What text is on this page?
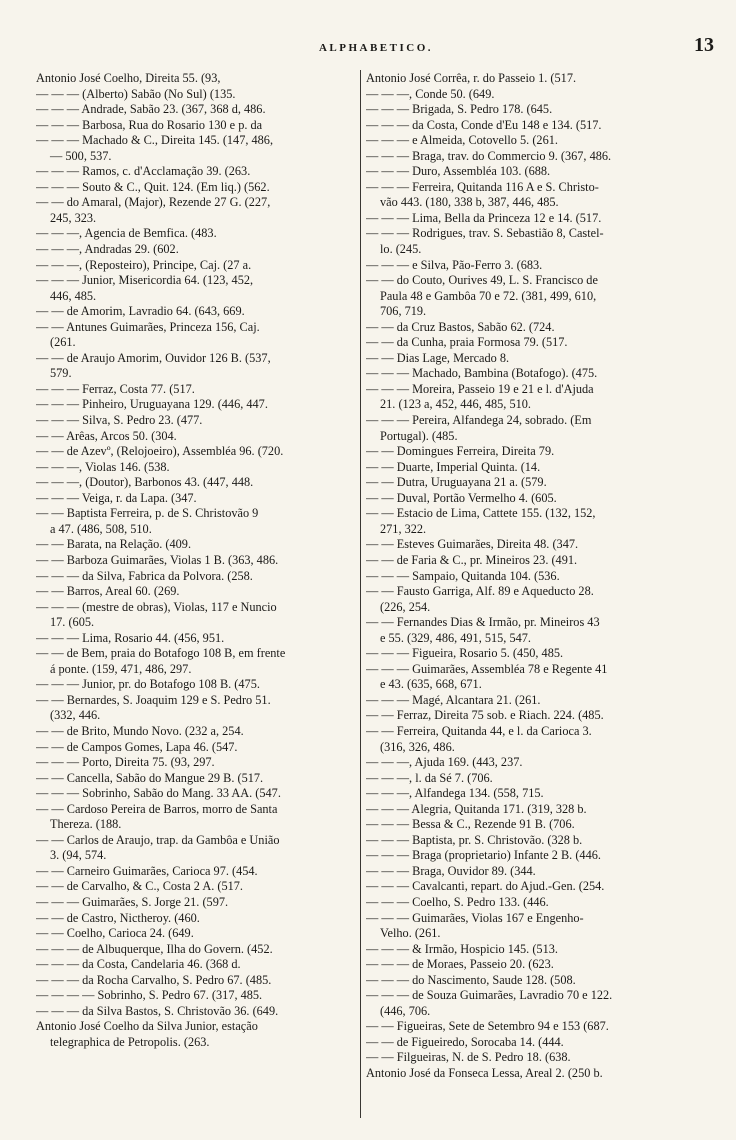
ALPHABETICO.	13
Antonio José Coelho, Direita 55. (93,
— — — (Alberto) Sabão (No Sul) (135.
— — — Andrade, Sabão 23. (367, 368 d, 486.
— — — Barbosa, Rua do Rosario 130 e p. da
— — — Machado & C., Direita 145. (147, 486,
— 500, 537.
— — — Ramos, c. d'Acclamação 39. (263.
— — — Souto & C., Quit. 124. (Em liq.) (562.
— — do Amaral, (Major), Rezende 27 G. (227,
245, 323.
— — —, Agencia de Bemfica. (483.
— — —, Andradas 29. (602.
— — —, (Reposteiro), Principe, Caj. (27 a.
— — — Junior, Misericordia 64. (123, 452,
446, 485.
— — de Amorim, Lavradio 64. (643, 669.
— — Antunes Guimarães, Princeza 156, Caj.
(261.
— — de Araujo Amorim, Ouvidor 126 B. (537,
579.
— — — Ferraz, Costa 77. (517.
— — — Pinheiro, Uruguayana 129. (446, 447.
— — — Silva, S. Pedro 23. (477.
— — Arêas, Arcos 50. (304.
— — de Azevº, (Relojoeiro), Assembléa 96. (720.
— — —, Violas 146. (538.
— — —, (Doutor), Barbonos 43. (447, 448.
— — — Veiga, r. da Lapa. (347.
— — Baptista Ferreira, p. de S. Christovão 9
a 47. (486, 508, 510.
— — Barata, na Relação. (409.
— — Barboza Guimarães, Violas 1 B. (363, 486.
— — — da Silva, Fabrica da Polvora. (258.
— — Barros, Areal 60. (269.
— — — (mestre de obras), Violas, 117 e Nuncio
17. (605.
— — — Lima, Rosario 44. (456, 951.
— — de Bem, praia do Botafogo 108 B, em frente
á ponte. (159, 471, 486, 297.
— — — Junior, pr. do Botafogo 108 B. (475.
— — Bernardes, S. Joaquim 129 e S. Pedro 51.
(332, 446.
— — de Brito, Mundo Novo. (232 a, 254.
— — de Campos Gomes, Lapa 46. (547.
— — — Porto, Direita 75. (93, 297.
— — Cancella, Sabão do Mangue 29 B. (517.
— — — Sobrinho, Sabão do Mang. 33 AA. (547.
— — Cardoso Pereira de Barros, morro de Santa
Thereza. (188.
— — Carlos de Araujo, trap. da Gambôa e União
3. (94, 574.
— — Carneiro Guimarães, Carioca 97. (454.
— — de Carvalho, & C., Costa 2 A. (517.
— — — Guimarães, S. Jorge 21. (597.
— — de Castro, Nictheroy. (460.
— — Coelho, Carioca 24. (649.
— — — de Albuquerque, Ilha do Govern. (452.
— — — da Costa, Candelaria 46. (368 d.
— — — da Rocha Carvalho, S. Pedro 67. (485.
— — — — Sobrinho, S. Pedro 67. (317, 485.
— — — da Silva Bastos, S. Christovão 36. (649.
Antonio José Coelho da Silva Junior, estação
telegraphica de Petropolis. (263.
Antonio José Corrêa, r. do Passeio 1. (517.
— — —, Conde 50. (649.
— — — Brigada, S. Pedro 178. (645.
— — — da Costa, Conde d'Eu 148 e 134. (517.
— — — e Almeida, Cotovello 5. (261.
— — — Braga, trav. do Commercio 9. (367, 486.
— — — Duro, Assembléa 103. (688.
— — — Ferreira, Quitanda 116 A e S. Christo-
vão 443. (180, 338 b, 387, 446, 485.
— — — Lima, Bella da Princeza 12 e 14. (517.
— — — Rodrigues, trav. S. Sebastião 8, Castel-
lo. (245.
— — — e Silva, Pão-Ferro 3. (683.
— — do Couto, Ourives 49, L. S. Francisco de
Paula 48 e Gambôa 70 e 72. (381, 499, 610,
706, 719.
— — da Cruz Bastos, Sabão 62. (724.
— — da Cunha, praia Formosa 79. (517.
— — Dias Lage, Mercado 8.
— — — Machado, Bambina (Botafogo). (475.
— — — Moreira, Passeio 19 e 21 e l. d'Ajuda
21. (123 a, 452, 446, 485, 510.
— — — Pereira, Alfandega 24, sobrado. (Em
Portugal). (485.
— — Domingues Ferreira, Direita 79.
— — Duarte, Imperial Quinta. (14.
— — Dutra, Uruguayana 21 a. (579.
— — Duval, Portão Vermelho 4. (605.
— — Estacio de Lima, Cattete 155. (132, 152,
271, 322.
— — Esteves Guimarães, Direita 48. (347.
— — de Faria & C., pr. Mineiros 23. (491.
— — — Sampaio, Quitanda 104. (536.
— — Fausto Garriga, Alf. 89 e Aqueducto 28.
(226, 254.
— — Fernandes Dias & Irmão, pr. Mineiros 43
e 55. (329, 486, 491, 515, 547.
— — — Figueira, Rosario 5. (450, 485.
— — — Guimarães, Assembléa 78 e Regente 41
e 43. (635, 668, 671.
— — — Magé, Alcantara 21. (261.
— — Ferraz, Direita 75 sob. e Riach. 224. (485.
— — Ferreira, Quitanda 44, e l. da Carioca 3.
(316, 326, 486.
— — —, Ajuda 169. (443, 237.
— — —, l. da Sé 7. (706.
— — —, Alfandega 134. (558, 715.
— — — Alegria, Quitanda 171. (319, 328 b.
— — — Bessa & C., Rezende 91 B. (706.
— — — Baptista, pr. S. Christovão. (328 b.
— — — Braga (proprietario) Infante 2 B. (446.
— — — Braga, Ouvidor 89. (344.
— — — Cavalcanti, repart. do Ajud.-Gen. (254.
— — — Coelho, S. Pedro 133. (446.
— — — Guimarães, Violas 167 e Engenho-
Velho. (261.
— — — & Irmão, Hospicio 145. (513.
— — — de Moraes, Passeio 20. (623.
— — — do Nascimento, Saude 128. (508.
— — — de Souza Guimarães, Lavradio 70 e 122.
(446, 706.
— — Figueiras, Sete de Setembro 94 e 153 (687.
— — de Figueiredo, Sorocaba 14. (444.
— — Filgueiras, N. de S. Pedro 18. (638.
Antonio José da Fonseca Lessa, Areal 2. (250 b.
